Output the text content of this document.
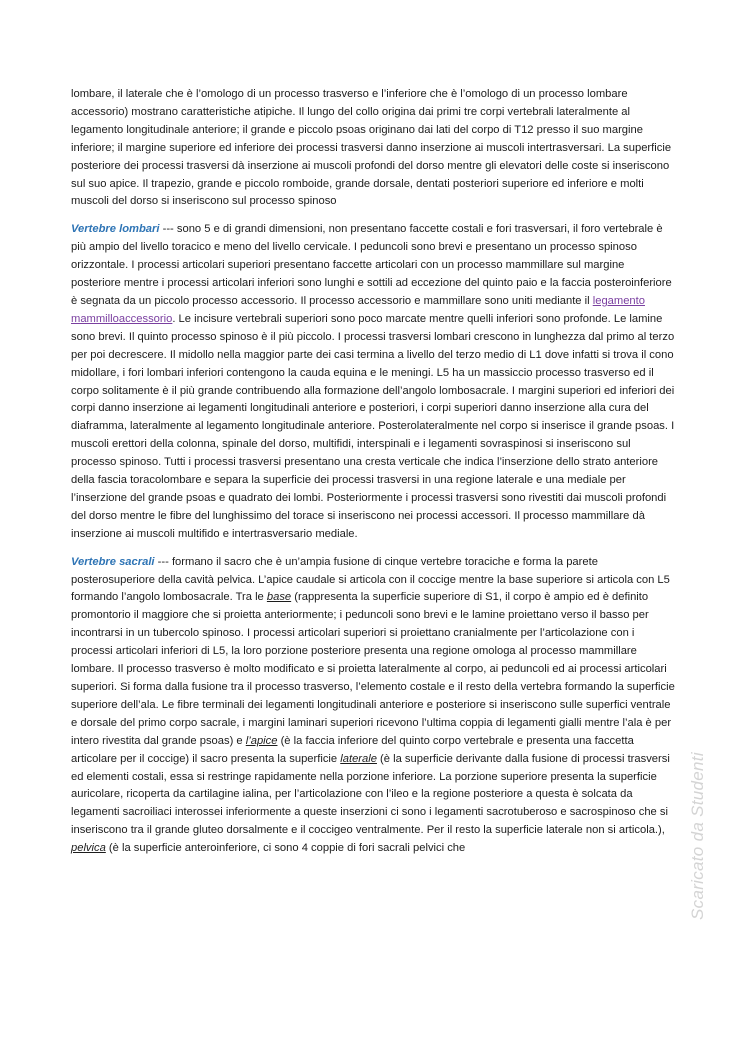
lombare, il laterale che è l’omologo di un processo trasverso e l’inferiore che è l’omologo di un processo lombare accessorio) mostrano caratteristiche atipiche. Il lungo del collo origina dai primi tre corpi vertebrali lateralmente al legamento longitudinale anteriore; il grande e piccolo psoas originano dai lati del corpo di T12 presso il suo margine inferiore; il margine superiore ed inferiore dei processi trasversi danno inserzione ai muscoli intertrasversari. La superficie posteriore dei processi trasversi dà inserzione ai muscoli profondi del dorso mentre gli elevatori delle coste si inseriscono sul suo apice. Il trapezio, grande e piccolo romboide, grande dorsale, dentati posteriori superiore ed inferiore e molti muscoli del dorso si inseriscono sul processo spinoso

Vertebre lombari --- sono 5 e di grandi dimensioni, non presentano faccette costali e fori trasversari, il foro vertebrale è più ampio del livello toracico e meno del livello cervicale. I peduncoli sono brevi e presentano un processo spinoso orizzontale. I processi articolari superiori presentano faccette articolari con un processo mammillare sul margine posteriore mentre i processi articolari inferiori sono lunghi e sottili ad eccezione del quinto paio e la faccia posteroinferiore è segnata da un piccolo processo accessorio. Il processo accessorio e mammillare sono uniti mediante il legamento mammilloaccessorio. Le incisure vertebrali superiori sono poco marcate mentre quelli inferiori sono profonde. Le lamine sono brevi. Il quinto processo spinoso è il più piccolo. I processi trasversi lombari crescono in lunghezza dal primo al terzo per poi decrescere. Il midollo nella maggior parte dei casi termina a livello del terzo medio di L1 dove infatti si trova il cono midollare, i fori lombari inferiori contengono la cauda equina e le meningi. L5 ha un massiccio processo trasverso ed il corpo solitamente è il più grande contribuendo alla formazione dell’angolo lombosacrale. I margini superiori ed inferiori dei corpi danno inserzione ai legamenti longitudinali anteriore e posteriori, i corpi superiori danno inserzione alla cura del diaframma, lateralmente al legamento longitudinale anteriore. Posterolateralmente nel corpo si inserisce il grande psoas. I muscoli erettori della colonna, spinale del dorso, multifidi, interspinali e i legamenti sovraspinosi si inseriscono sul processo spinoso. Tutti i processi trasversi presentano una cresta verticale che indica l’inserzione dello strato anteriore della fascia toracolombare e separa la superficie dei processi trasversi in una regione laterale e una mediale per l’inserzione del grande psoas e quadrato dei lombi. Posteriormente i processi trasversi sono rivestiti dai muscoli profondi del dorso mentre le fibre del lunghissimo del torace si inseriscono nei processi accessori. Il processo mammillare dà inserzione ai muscoli multifido e intertrasversario mediale.

Vertebre sacrali --- formano il sacro che è un’ampia fusione di cinque vertebre toraciche e forma la parete posterosuperiore della cavità pelvica. L’apice caudale si articola con il coccige mentre la base superiore si articola con L5 formando l’angolo lombosacrale. Tra le base (rappresenta la superficie superiore di S1, il corpo è ampio ed è definito promontorio il maggiore che si proietta anteriormente; i peduncoli sono brevi e le lamine proiettano verso il basso per incontrarsi in un tubercolo spinoso. I processi articolari superiori si proiettano cranialmente per l’articolazione con i processi articolari inferiori di L5, la loro porzione posteriore presenta una regione omologa al processo mammillare lombare. Il processo trasverso è molto modificato e si proietta lateralmente al corpo, ai peduncoli ed ai processi articolari superiori. Si forma dalla fusione tra il processo trasverso, l’elemento costale e il resto della vertebra formando la superficie superiore dell’ala. Le fibre terminali dei legamenti longitudinali anteriore e posteriore si inseriscono sulle superfici ventrale e dorsale del primo corpo sacrale, i margini laminari superiori ricevono l’ultima coppia di legamenti gialli mentre l’ala è per intero rivestita dal grande psoas) e l’apice (è la faccia inferiore del quinto corpo vertebrale e presenta una faccetta articolare per il coccige) il sacro presenta la superficie laterale (è la superficie derivante dalla fusione di processi trasversi ed elementi costali, essa si restringe rapidamente nella porzione inferiore. La porzione superiore presenta la superficie auricolare, ricoperta da cartilagine ialina, per l’articolazione con l’ileo e la regione posteriore a questa è solcata da legamenti sacroiliaci interossei inferiormente a queste inserzioni ci sono i legamenti sacrotuberoso e sacrospinoso che si inseriscono tra il grande gluteo dorsalmente e il coccigeo ventralmente. Per il resto la superficie laterale non si articola.), pelvica (è la superficie anteroinferiore, ci sono 4 coppie di fori sacrali pelvici che	Scaricato da Studenti
